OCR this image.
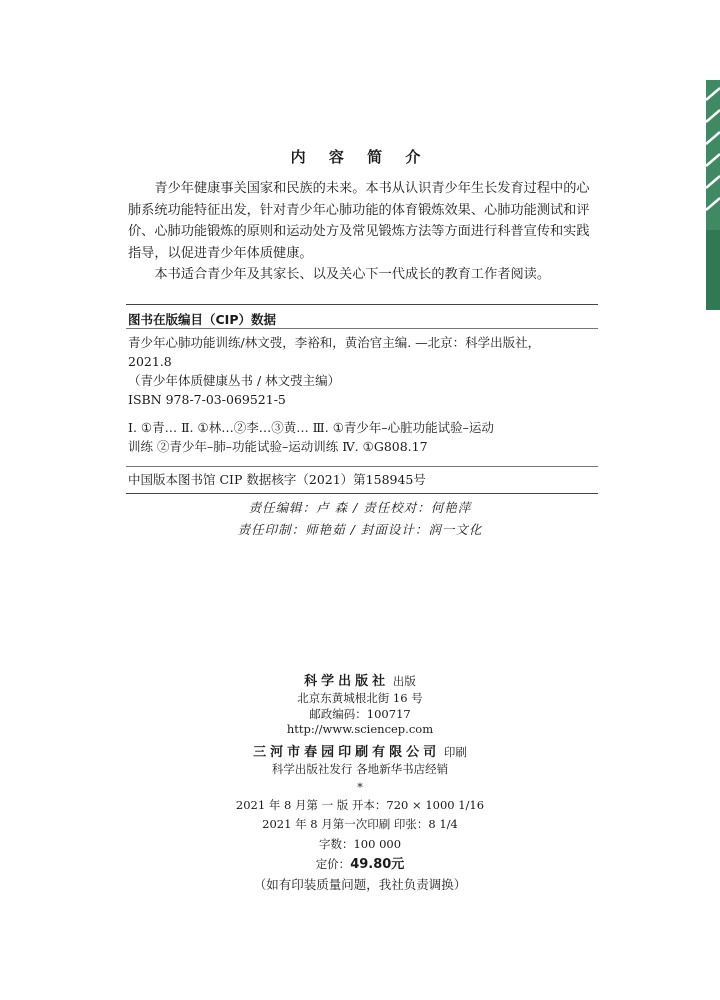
内 容 简 介

青少年健康事关国家和民族的未来。本书从认识青少年生长发育过程中的心肺系统功能特征出发，针对青少年心肺功能的体育锻炼效果、心肺功能测试和评价、心肺功能锻炼的原则和运动处方及常见锻炼方法等方面进行科普宣传和实践指导，以促进青少年体质健康。

本书适合青少年及其家长、以及关心下一代成长的教育工作者阅读。

图书在版编目（CIP）数据
青少年心肺功能训练/林文弢，李裕和，黄治官主编. —北京：科学出版社，
2021.8
（青少年体质健康丛书 / 林文弢主编）
ISBN 978-7-03-069521-5
Ⅰ. ①青… Ⅱ. ①林…②李…③黄… Ⅲ. ①青少年–心脏功能试验–运动
训练 ②青少年–肺–功能试验–运动训练 Ⅳ. ①G808.17
中国版本图书馆 CIP 数据核字（2021）第158945号
责任编辑：卢 森 / 责任校对：何艳萍
责任印制：师艳茹 / 封面设计：润一文化
科学出版社 出版
北京东黄城根北街 16 号
邮政编码：100717
http://www.sciencep.com
三河市春园印刷有限公司 印刷
科学出版社发行 各地新华书店经销
*
2021 年 8 月第 一 版 开本：720 × 1000 1/16
2021 年 8 月第一次印刷 印张：8 1/4
字数：100 000
定价：49.80元
（如有印装质量问题，我社负责调换）
